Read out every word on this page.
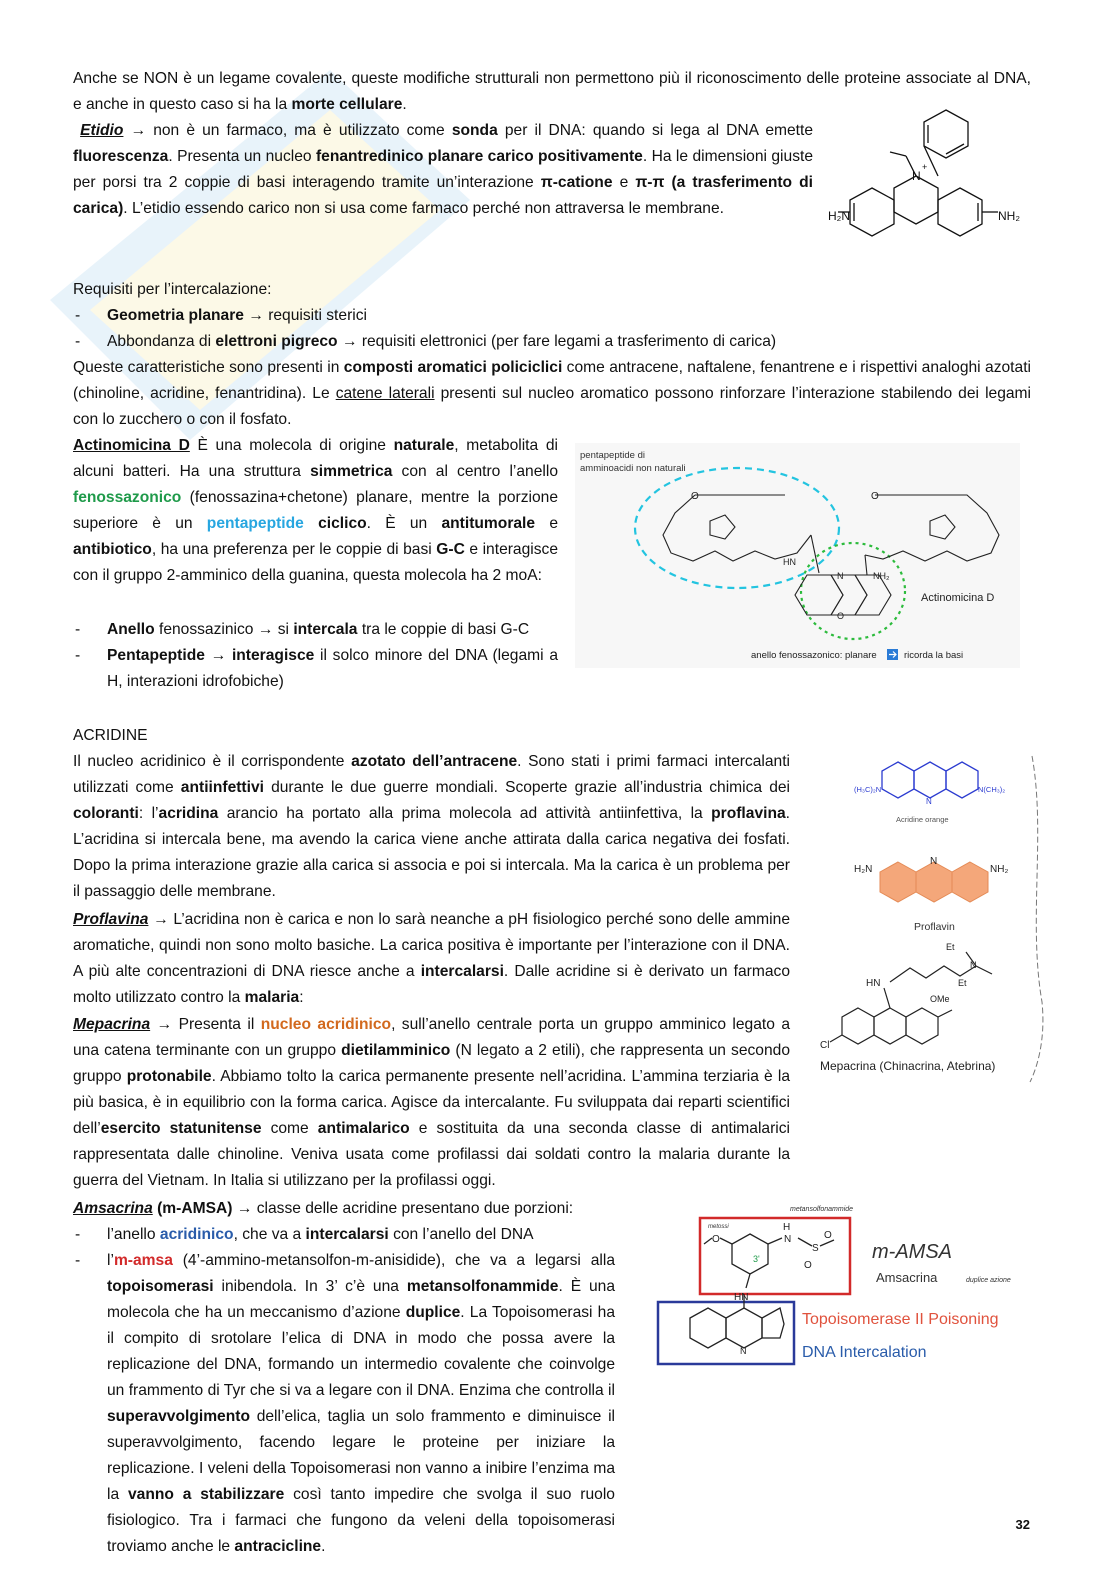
Anche se NON è un legame covalente, queste modifiche strutturali non permettono più il riconoscimento delle proteine associate al DNA, e anche in questo caso si ha la morte cellulare.

Etidio → non è un farmaco, ma è utilizzato come sonda per il DNA: quando si lega al DNA emette fluorescenza. Presenta un nucleo fenantredinico planare carico positivamente. Ha le dimensioni giuste per porsi tra 2 coppie di basi interagendo tramite un’interazione π-catione e π-π (a trasferimento di carica). L’etidio essendo carico non si usa come farmaco perché non attraversa le membrane.

N
+
H₂N	NH₂

Requisiti per l’intercalazione:

- Geometria planare → requisiti sterici
- Abbondanza di elettroni pigreco → requisiti elettronici (per fare legami a trasferimento di carica)

Queste caratteristiche sono presenti in composti aromatici policiclici come antracene, naftalene, fenantrene e i rispettivi analoghi azotati (chinoline, acridine, fenantridina). Le catene laterali presenti sul nucleo aromatico possono rinforzare l’interazione stabilendo dei legami con lo zucchero o con il fosfato.

Actinomicina D È una molecola di origine naturale, metabolita di alcuni batteri. Ha una struttura simmetrica con al centro l’anello fenossazonico (fenossazina+chetone) planare, mentre la porzione superiore è un pentapeptide ciclico. È un antitumorale e antibiotico, ha una preferenza per le coppie di basi G-C e interagisce con il gruppo 2-amminico della guanina, questa molecola ha 2 moA:

- Anello fenossazinico → si intercala tra le coppie di basi G-C
- Pentapeptide → interagisce il solco minore del DNA (legami a H, interazioni idrofobiche)
pentapeptide di
amminoacidi non naturali
O	O
HN
NH₂
N
O
Actinomicina D
anello fenossazonico: planare	ricorda la basi

ACRIDINE

Il nucleo acridinico è il corrispondente azotato dell’antracene. Sono stati i primi farmaci intercalanti utilizzati come antiinfettivi durante le due guerre mondiali. Scoperte grazie all’industria chimica dei coloranti: l’acridina arancio ha portato alla prima molecola ad attività antiinfettiva, la proflavina. L’acridina si intercala bene, ma avendo la carica viene anche attirata dalla carica negativa dei fosfati. Dopo la prima interazione grazie alla carica si associa e poi si intercala. Ma la carica è un problema per il passaggio delle membrane.

Proflavina → L’acridina non è carica e non lo sarà neanche a pH fisiologico perché sono delle ammine aromatiche, quindi non sono molto basiche. La carica positiva è importante per l’interazione con il DNA. A più alte concentrazioni di DNA riesce anche a intercalarsi. Dalle acridine si è derivato un farmaco molto utilizzato contro la malaria:

(H₃C)₂N	N(CH₃)₂
N
Acridine orange
H₂N	NH₂
N
Proflavin
HN
Cl
OMe
N
Et
Et
Mepacrina (Chinacrina, Atebrina)

Mepacrina → Presenta il nucleo acridinico, sull’anello centrale porta un gruppo amminico legato a una catena terminante con un gruppo dietilamminico (N legato a 2 etili), che rappresenta un secondo gruppo protonabile. Abbiamo tolto la carica permanente presente nell’acridina. L’ammina terziaria è la più basica, è in equilibrio con la forma carica. Agisce da intercalante. Fu sviluppata dai reparti scientifici dell’esercito statunitense come antimalarico e sostituita da una seconda classe di antimalarici rappresentata dalle chinoline. Veniva usata come profilassi dai soldati contro la malaria durante la guerra del Vietnam. In Italia si utilizzano per la profilassi oggi.

Amsacrina (m-AMSA) → classe delle acridine presentano due porzioni:

- l’anello acridinico, che va a intercalarsi con l’anello del DNA
- l’m-amsa (4’-ammino-metansolfon-m-anisidide), che va a legarsi alla topoisomerasi inibendola. In 3’ c’è una metansolfonammide. È una molecola che ha un meccanismo d’azione duplice. La Topoisomerasi ha il compito di srotolare l’elica di DNA in modo che possa avere la replicazione del DNA, formando un intermedio covalente che coinvolge un frammento di Tyr che si va a legare con il DNA. Enzima che controlla il superavvolgimento dell’elica, taglia un solo frammento e diminuisce il superavvolgimento, facendo legare le proteine per iniziare la replicazione. I veleni della Topoisomerasi non vanno a inibire l’enzima ma la vanno a stabilizzare così tanto impedire che svolga il suo ruolo fisiologico. Tra i farmaci che fungono da veleni della topoisomerasi troviamo anche le antracicline.
metansolfonammide
metossi
O
3'
H
N
S
O
O
HN
N
m-AMSA
Amsacrina	duplice azione
Topoisomerase II Poisoning
DNA Intercalation
32
